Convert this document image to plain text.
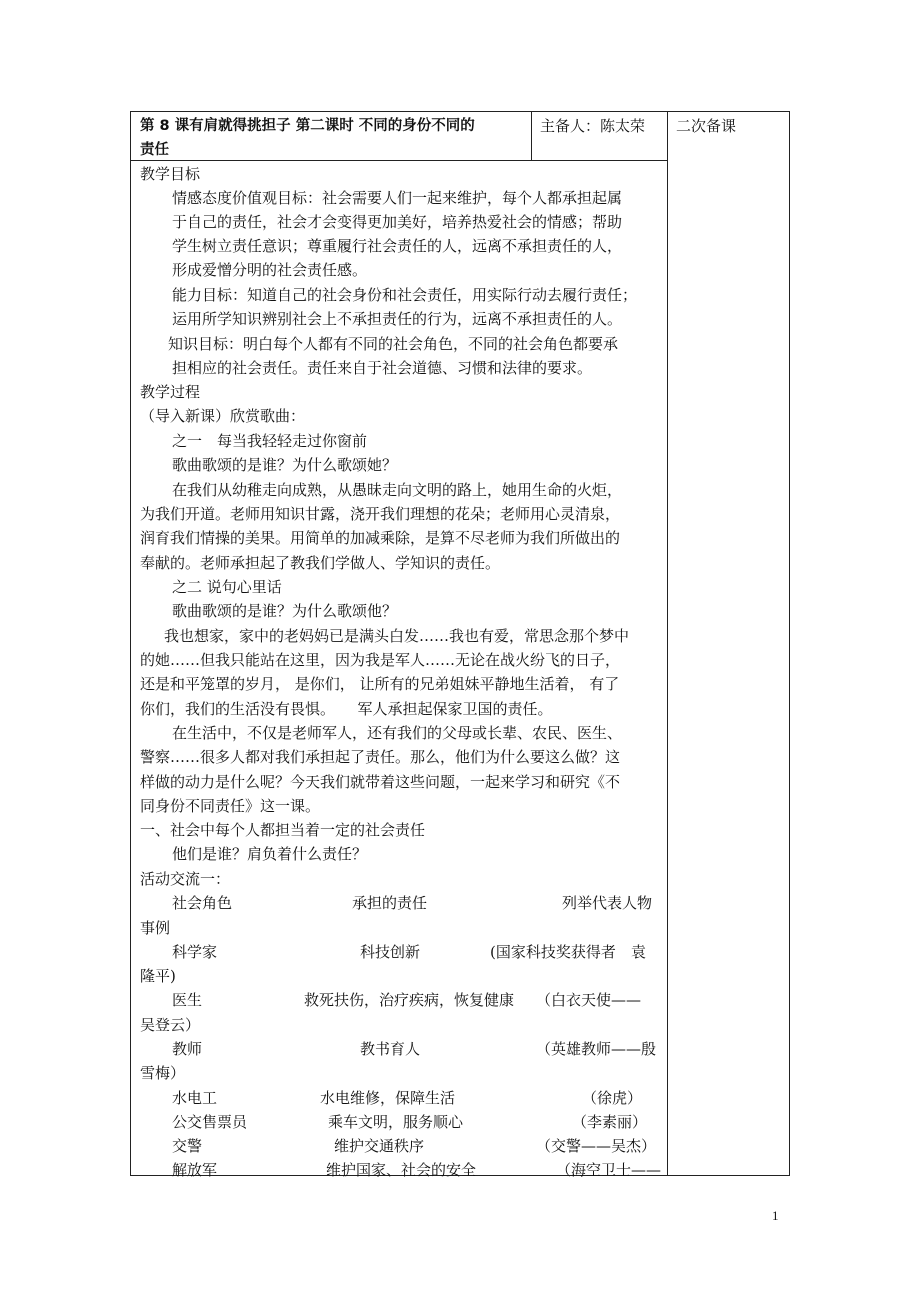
第 8 课有肩就得挑担子 第二课时 不同的身份不同的
责任
主备人：陈太荣 二次备课
教学目标
情感态度价值观目标：社会需要人们一起来维护，每个人都承担起属
于自己的责任，社会才会变得更加美好，培养热爱社会的情感；帮助
学生树立责任意识；尊重履行社会责任的人，远离不承担责任的人，
形成爱憎分明的社会责任感。
能力目标：知道自己的社会身份和社会责任，用实际行动去履行责任；
运用所学知识辨别社会上不承担责任的行为，远离不承担责任的人。
知识目标：明白每个人都有不同的社会角色，不同的社会角色都要承
担相应的社会责任。责任来自于社会道德、习惯和法律的要求。
教学过程
（导入新课）欣赏歌曲：
之一　每当我轻轻走过你窗前
歌曲歌颂的是谁？为什么歌颂她？
在我们从幼稚走向成熟，从愚昧走向文明的路上，她用生命的火炬，
为我们开道。老师用知识甘露，浇开我们理想的花朵；老师用心灵清泉，
润育我们情操的美果。用简单的加减乘除，是算不尽老师为我们所做出的
奉献的。老师承担起了教我们学做人、学知识的责任。
之二 说句心里话
歌曲歌颂的是谁？为什么歌颂他？
我也想家，家中的老妈妈已是满头白发……我也有爱，常思念那个梦中
的她……但我只能站在这里，因为我是军人……无论在战火纷飞的日子，
还是和平笼罩的岁月， 是你们， 让所有的兄弟姐妹平静地生活着， 有了
你们，我们的生活没有畏惧。　　军人承担起保家卫国的责任。
在生活中，不仅是老师军人，还有我们的父母或长辈、农民、医生、
警察……很多人都对我们承担起了责任。那么，他们为什么要这么做？这
样做的动力是什么呢？今天我们就带着这些问题，一起来学习和研究《不
同身份不同责任》这一课。
一、社会中每个人都担当着一定的社会责任
他们是谁？肩负着什么责任？
活动交流一：
社会角色	承担的责任	列举代表人物
事例
科学家	科技创新	(国家科技奖获得者　袁
隆平)
医生	救死扶伤，治疗疾病，恢复健康 （白衣天使——
吴登云）
教师	教书育人	（英雄教师——殷
雪梅）
水电工	水电维修，保障生活	（徐虎）
公交售票员	乘车文明，服务顺心	（李素丽）
交警	维护交通秩序	（交警——吴杰）
解放军	维护国家、社会的安全	（海空卫士——
1
